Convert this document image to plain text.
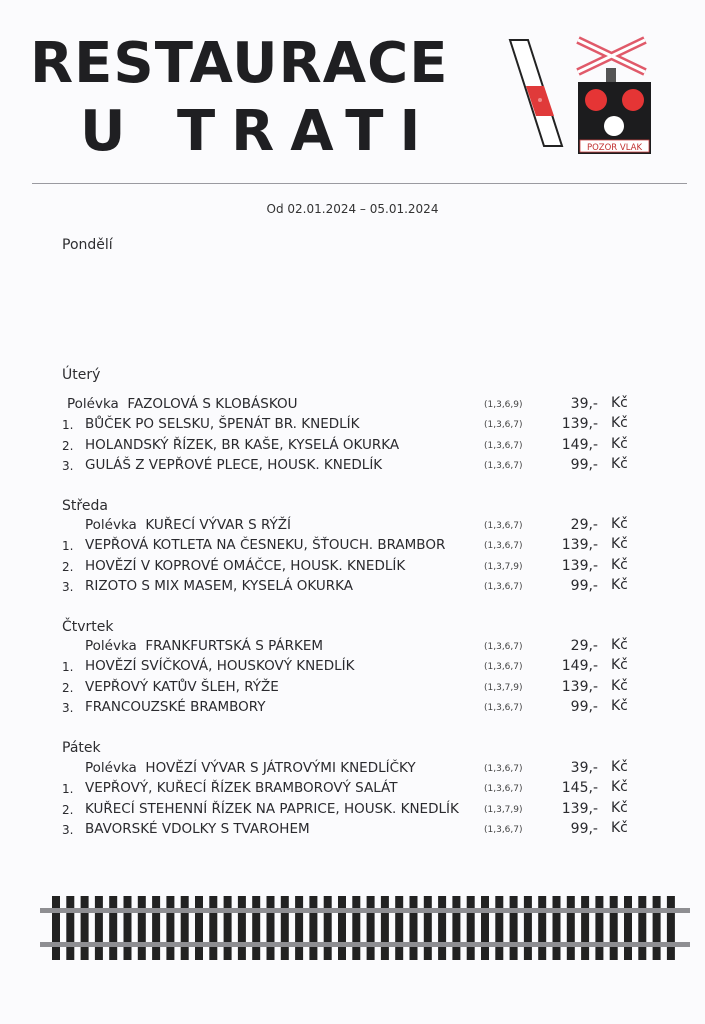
RESTAURACE
U TRATI	POZOR VLAK
Od 02.01.2024 – 05.01.2024
Pondělí
Úterý
Polévka FAZOLOVÁ S KLOBÁSKOU	(1,3,6,9)	39,- Kč
1. BŮČEK PO SELSKU, ŠPENÁT BR. KNEDLÍK	(1,3,6,7)	139,- Kč
2. HOLANDSKÝ ŘÍZEK, BR KAŠE, KYSELÁ OKURKA	(1,3,6,7)	149,- Kč
3. GULÁŠ Z VEPŘOVÉ PLECE, HOUSK. KNEDLÍK	(1,3,6,7)	99,- Kč
Středa
Polévka KUŘECÍ VÝVAR S RÝŽÍ	(1,3,6,7)	29,- Kč
1. VEPŘOVÁ KOTLETA NA ČESNEKU, ŠŤOUCH. BRAMBOR	(1,3,6,7)	139,- Kč
2. HOVĚZÍ V KOPROVÉ OMÁČCE, HOUSK. KNEDLÍK	(1,3,7,9)	139,- Kč
3. RIZOTO S MIX MASEM, KYSELÁ OKURKA	(1,3,6,7)	99,- Kč
Čtvrtek
Polévka FRANKFURTSKÁ S PÁRKEM	(1,3,6,7)	29,- Kč
1. HOVĚZÍ SVÍČKOVÁ, HOUSKOVÝ KNEDLÍK	(1,3,6,7)	149,- Kč
2. VEPŘOVÝ KATŮV ŠLEH, RÝŽE	(1,3,7,9)	139,- Kč
3. FRANCOUZSKÉ BRAMBORY	(1,3,6,7)	99,- Kč
Pátek
Polévka HOVĚZÍ VÝVAR S JÁTROVÝMI KNEDLÍČKY	(1,3,6,7)	39,- Kč
1. VEPŘOVÝ, KUŘECÍ ŘÍZEK BRAMBOROVÝ SALÁT	(1,3,6,7)	145,- Kč
2. KUŘECÍ STEHENNÍ ŘÍZEK NA PAPRICE, HOUSK. KNEDLÍK	(1,3,7,9)	139,- Kč
3. BAVORSKÉ VDOLKY S TVAROHEM	(1,3,6,7)	99,- Kč
